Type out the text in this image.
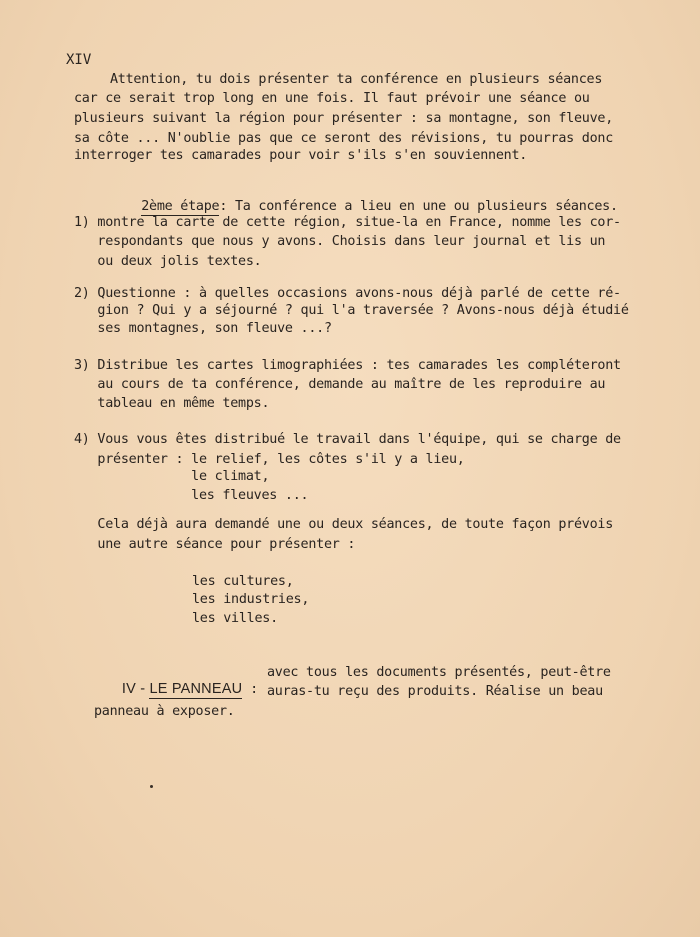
XIV
Attention, tu dois présenter ta conférence en plusieurs séances
car ce serait trop long en une fois. Il faut prévoir une séance ou
plusieurs suivant la région pour présenter : sa montagne, son fleuve,
sa côte ... N'oublie pas que ce seront des révisions, tu pourras donc
interroger tes camarades pour voir s'ils s'en souviennent.

2ème étape: Ta conférence a lieu en une ou plusieurs séances.

1) montre la carte de cette région, situe-la en France, nomme les cor-
respondants que nous y avons. Choisis dans leur journal et lis un
ou deux jolis textes.
2) Questionne : à quelles occasions avons-nous déjà parlé de cette ré-
gion ? Qui y a séjourné ? qui l'a traversée ? Avons-nous déjà étudié
ses montagnes, son fleuve ...?
3) Distribue les cartes limographiées : tes camarades les compléteront
au cours de ta conférence, demande au maître de les reproduire au
tableau en même temps.
4) Vous vous êtes distribué le travail dans l'équipe, qui se charge de
présenter : le relief, les côtes s'il y a lieu,
le climat,
les fleuves ...
Cela déjà aura demandé une ou deux séances, de toute façon prévois
une autre séance pour présenter :
les cultures,
les industries,
les villes.

IV - LE PANNEAU :

avec tous les documents présentés, peut-être
auras-tu reçu des produits. Réalise un beau
panneau à exposer.
